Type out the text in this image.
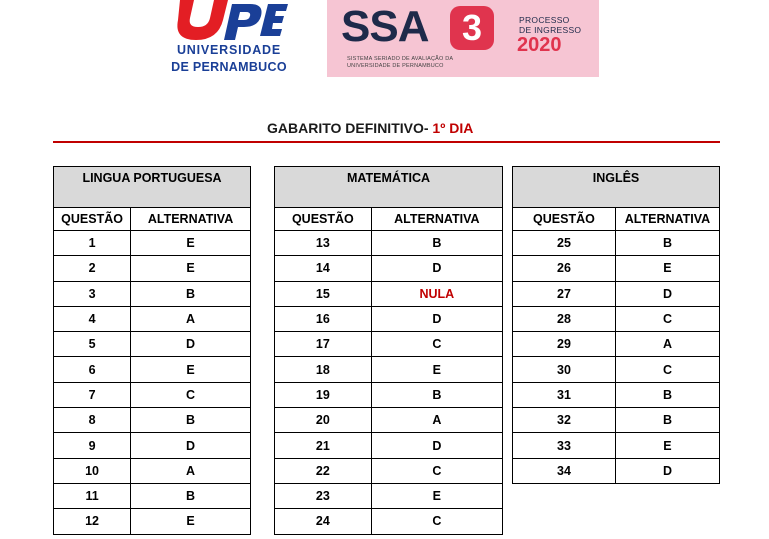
UNIVERSIDADE
DE PERNAMBUCO
SSA 3
SISTEMA SERIADO DE AVALIAÇÃO DA
UNIVERSIDADE DE PERNAMBUCO
PROCESSO
DE INGRESSO
2020
GABARITO DEFINITIVO- 1º DIA
LINGUA PORTUGUESA	
QUESTÃO	ALTERNATIVA
1	E
2	E
3	B
4	A
5	D
6	E
7	C
8	B
9	D
10	A
11	B
12	E
MATEMÁTICA	
QUESTÃO	ALTERNATIVA
13	B
14	D
15	NULA
16	D
17	C
18	E
19	B
20	A
21	D
22	C
23	E
24	C
INGLÊS	
QUESTÃO	ALTERNATIVA
25	B
26	E
27	D
28	C
29	A
30	C
31	B
32	B
33	E
34	D
